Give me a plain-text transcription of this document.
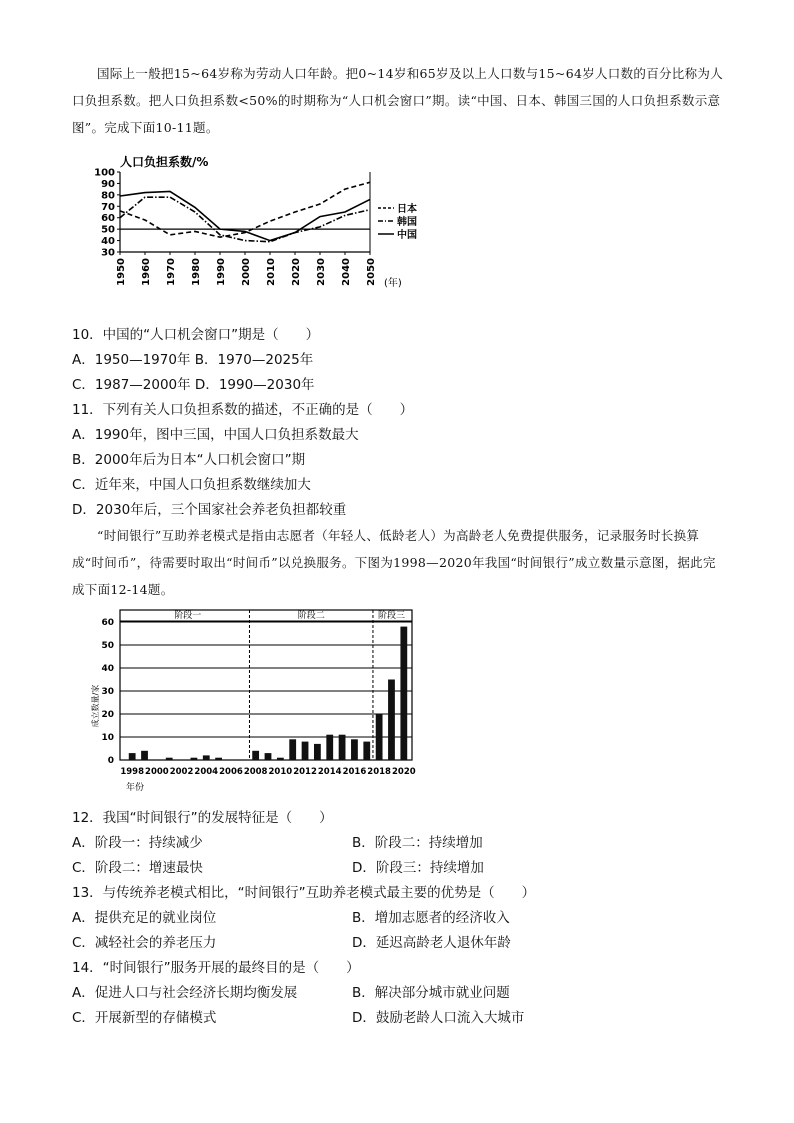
国际上一般把15~64岁称为劳动人口年龄。把0~14岁和65岁及以上人口数与15~64岁人口数的百分比称为人口负担系数。把人口负担系数<50%的时期称为“人口机会窗口”期。读“中国、日本、韩国三国的人口负担系数示意图”。完成下面10-11题。
人口负担系数/%
30
40
50
60
70
80
90
100
1950 1960 1970 1980 1990 2000 2010 2020 2030 2040 2050
日本
韩国
中国
(年)
10．中国的“人口机会窗口”期是（　　）
A．1950—1970年 B．1970—2025年
C．1987—2000年 D．1990—2030年
11．下列有关人口负担系数的描述，不正确的是（　　）
A．1990年，图中三国，中国人口负担系数最大
B．2000年后为日本“人口机会窗口”期
C．近年来，中国人口负担系数继续加大
D．2030年后，三个国家社会养老负担都较重
“时间银行”互助养老模式是指由志愿者（年轻人、低龄老人）为高龄老人免费提供服务，记录服务时长换算成“时间币”，待需要时取出“时间币”以兑换服务。下图为1998—2020年我国“时间银行”成立数量示意图，据此完成下面12-14题。
0
10
20
30
40
50
60
阶段一	阶段二	阶段三
1998 2000 2002 2004 2006 2008 2010 2012 2014 2016 2018 2020
成立数量/家
年份
12．我国“时间银行”的发展特征是（　　）
A．阶段一：持续减少	B．阶段二：持续增加
C．阶段二：增速最快	D．阶段三：持续增加
13．与传统养老模式相比，“时间银行”互助养老模式最主要的优势是（　　）
A．提供充足的就业岗位	B．增加志愿者的经济收入
C．减轻社会的养老压力	D．延迟高龄老人退休年龄
14．“时间银行”服务开展的最终目的是（　　）
A．促进人口与社会经济长期均衡发展	B．解决部分城市就业问题
C．开展新型的存储模式	D．鼓励老龄人口流入大城市
